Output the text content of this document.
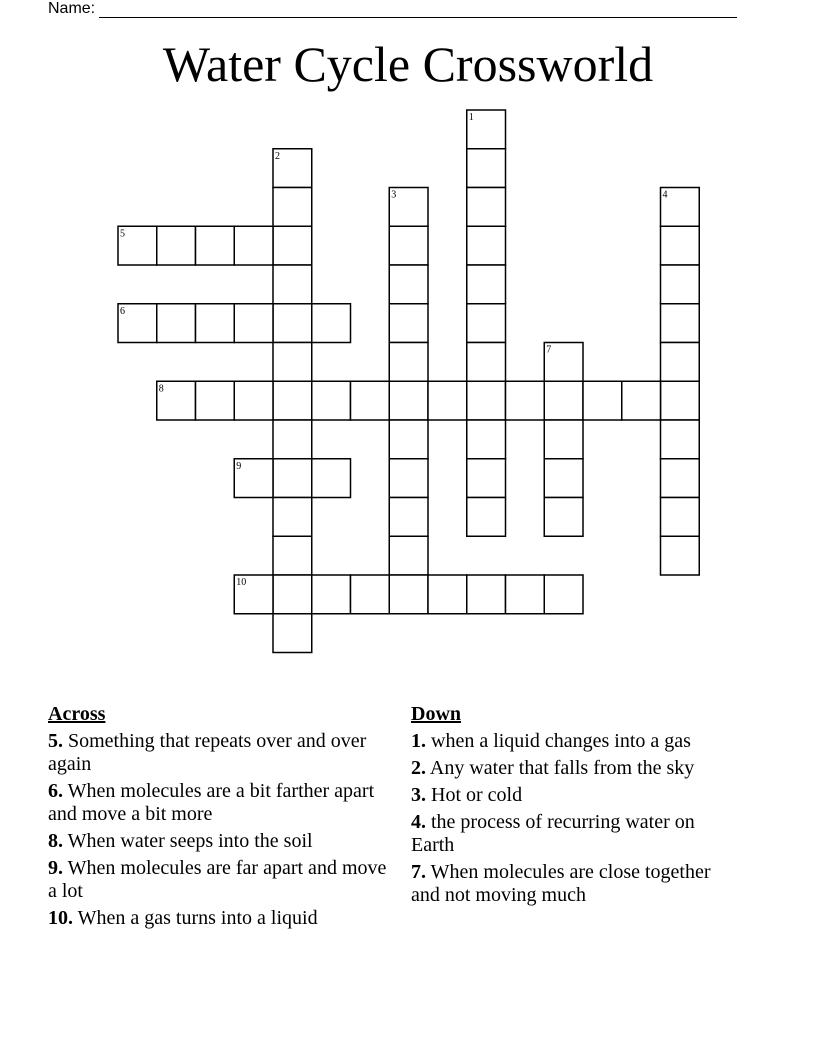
Name:
Water Cycle Crossworld
1
2
3	4
5
6
7
8
9
10
Across
5. Something that repeats over and over again
6. When molecules are a bit farther apart and move a bit more
8. When water seeps into the soil
9. When molecules are far apart and move a lot
10. When a gas turns into a liquid
Down
1. when a liquid changes into a gas
2. Any water that falls from the sky
3. Hot or cold
4. the process of recurring water on Earth
7. When molecules are close together and not moving much
